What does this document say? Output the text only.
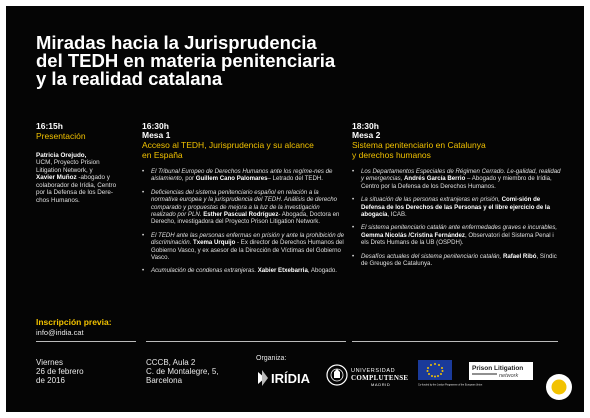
Miradas hacia la Jurisprudencia
del TEDH en materia penitenciaria
y la realidad catalana
16:15h
Presentación
Patricia Orejudo,
UCM, Proyecto Prision
Litigation Network, y
Xavier Muñoz -abogado y
colaborador de Irídia, Centro
por la Defensa de los Dere-
chos Humanos.
16:30h
Mesa 1
Acceso al TEDH, Jurisprudencia y su alcance
en España
• El Tribunal Europeo de Derechos Humanos ante los regíme-nes de aislamiento, por Guillem Cano Palomares– Letrado del TEDH.
• Deficiencias del sistema penitenciario español en relación a la normativa europea y la jurisprudencia del TEDH. Análisis de derecho comparado y propuestas de mejora a la luz de la investigación realizado por PLN. Esther Pascual Rodríguez- Abogada, Doctora en Derecho, investigadora del Proyecto Prison Litigation Network.
• El TEDH ante las personas enfermas en prisión y ante la prohibición de discriminación. Txema Urquijo - Ex director de Derechos Humanos del Gobierno Vasco, y ex asesor de la Dirección de Víctimas del Gobierno Vasco.
• Acumulación de condenas extranjeras. Xabier Etxebarria, Abogado.
18:30h
Mesa 2
Sistema penitenciario en Catalunya
y derechos humanos
• Los Departamentos Especiales de Régimen Cerrado. Le-galidad, realidad y emergencias, Andrés García Berrio – Abogado y miembro de Irídia, Centro por la Defensa de los Derechos Humanos.
• La situación de las personas extranjeras en prisión, Comi-sión de Defensa de los Derechos de las Personas y el libre ejercicio de la abogacía, ICAB.
• El sistema penitenciario catalán ante enfermedades graves e incurables, Gemma Nicolás /Cristina Fernández, Observatori del Sistema Penal i els Drets Humans de la UB (OSPDH).
• Desafíos actuales del sistema penitenciario catalán, Rafael Ribó, Síndic de Greuges de Catalunya.
Inscripción previa:
info@iridia.cat
Viernes
26 de febrero
de 2016
CCCB, Aula 2
C. de Montalegre, 5,
Barcelona
Organiza:
IRÍDIA	UNIVERSIDAD
COMPLUTENSE
MADRID	Co-funded by the Justice Programme of the European Union
Prison Litigation
network
